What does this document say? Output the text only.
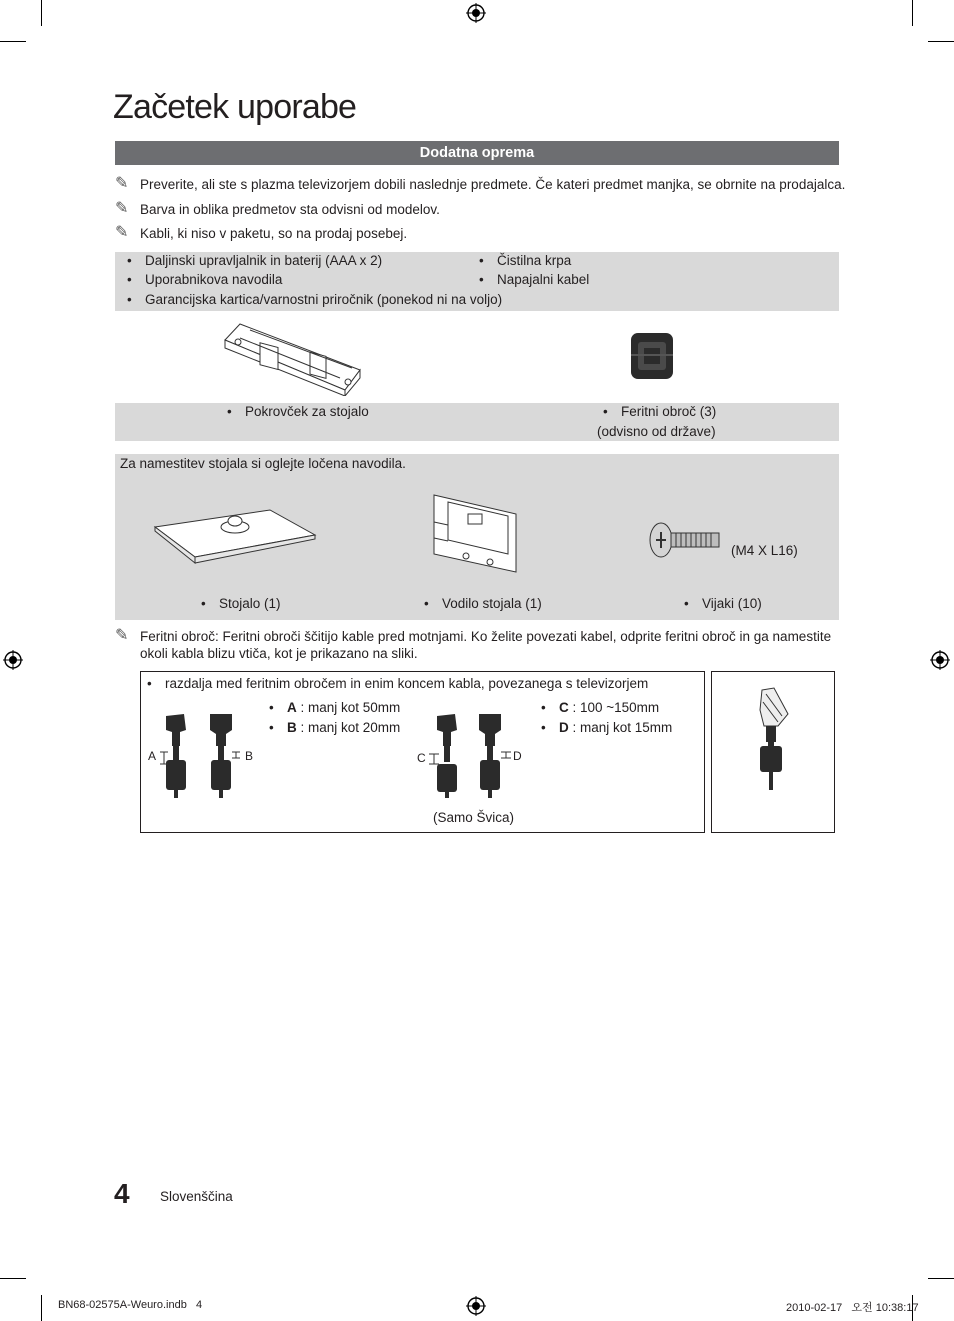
Začetek uporabe
Dodatna oprema
✎ Preverite, ali ste s plazma televizorjem dobili naslednje predmete. Če kateri predmet manjka, se obrnite na prodajalca.
✎ Barva in oblika predmetov sta odvisni od modelov.
✎ Kabli, ki niso v paketu, so na prodaj posebej.
• Daljinski upravljalnik in baterij (AAA x 2)
• Uporabnikova navodila
• Garancijska kartica/varnostni priročnik (ponekod ni na voljo)
• Čistilna krpa
• Napajalni kabel
• Pokrovček za stojalo	• Feritni obroč (3)
(odvisno od države)
Za namestitev stojala si oglejte ločena navodila.
(M4 X L16)
• Stojalo (1)	• Vodilo stojala (1)	• Vijaki (10)
✎ Feritni obroč: Feritni obroči ščitijo kable pred motnjami. Ko želite povezati kabel, odprite feritni obroč in ga namestite
okoli kabla blizu vtiča, kot je prikazano na sliki.
• razdalja med feritnim obročem in enim koncem kabla, povezanega s televizorjem
A	B
• A : manj kot 50mm
• B : manj kot 20mm
C	D
• C : 100 ~150mm
• D : manj kot 15mm
(Samo Švica)
4 Slovenščina
BN68-02575A-Weuro.indb   4	2010-02-17   오전 10:38:17
